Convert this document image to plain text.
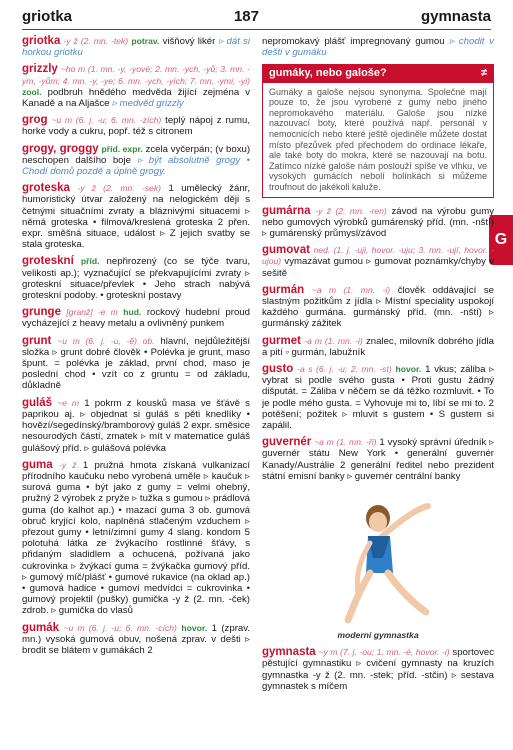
griotka	187	gymnasta
G
griotka -y ž (2. mn. -tek) potrav. višňový likér ▹ dát si horkou griotku
grizzly ~ho m (1. mn. -y, -yové; 2. mn. -ych, -yů; 3. mn. -ym, -yům; 4. mn. -y, -ye; 6. mn. -ych, -yích; 7. mn. -ymi, -yi) zool. podbruh hnědého medvěda žijící zejména v Kanadě a na Aljašce ▹ medvěd grizzly
grog ~u m (6. j. -u; 6. mn. -zích) teplý nápoj z rumu, horké vody a cukru, popř. též s citronem
grogy, groggy příd. expr. zcela vyčerpán; (v boxu) neschopen dalšího boje ▹ být absolutně grogy • Chodí domů pozdě a úplně grogy.
groteska -y ž (2. mn. -sek) 1 umělecký žánr, humoristický útvar založený na nelogickém ději s četnými situačními zvraty a bláznivými situacemi ▹ němá groteska • filmová/kreslená groteska 2 přen. expr. směšná situace, událost ▹ Z jejich svatby se stala groteska.
groteskní příd. nepřirozený (co se týče tvaru, velikosti ap.); vyznačující se překvapujícími zvraty ▹ groteskní situace/převlek • Jeho strach nabývá groteskní podoby. • groteskní postavy
grunge [granž] -e m hud. rockový hudební proud vycházející z heavy metalu a ovlivněný punkem
grunt ~u m (6. j. -u, -ě) ob. hlavní, nejdůležitější složka ▹ grunt dobré člověk • Polévka je grunt, maso špunt. = polévka je základ, první chod, maso je poslední chod • vzít co z gruntu = od základu, důkladně
guláš ~e m 1 pokrm z kousků masa ve šťávě s paprikou aj. ▹ objednat si guláš s pěti knedlíky • hovězí/segedínský/bramborový guláš 2 expr. směsice nesourodých částí, zmatek ▹ mít v matematice guláš gulášový příd. ▹ gulášová polévka
guma -y ž 1 pružná hmota získaná vulkanizací přírodního kaučuku nebo vyrobená uměle ▹ kaučuk ▹ surová guma • být jako z gumy = velmi ohebný, pružný 2 výrobek z pryže ▹ tužka s gumou ▹ prádlová guma (do kalhot ap.) • mazací guma 3 ob. gumová obruč kryjící kolo, naplněná stlačeným vzduchem ▹ přezout gumy • letní/zimní gumy 4 slang. kondom 5 polotuhá látka ze žvýkacího rostlinné šťávy, s přidaným sladidlem a ochucená, požívaná jako cukrovinka ▹ žvýkací guma = žvýkačka gumový příd. ▹ gumový míč/plášť • gumové rukavice (na oklad ap.) • gumová hadice • gumoví medvídci = cukrovinka • gumový projektil (pušky) gumička -y ž (2. mn. -ček) zdrob. ▹ gumička do vlasů
gumák ~u m (6. j. -u; 6. mn. -cích) hovor. 1 (zprav. mn.) vysoká gumová obuv, nošená zprav. v dešti ▹ brodit se blátem v gumákách 2
nepromokavý plášť impregnovaný gumou ▹ chodit v dešti v gumáku
gumáky, nebo galoše?	≠
Gumáky a galoše nejsou synonyma. Společné mají pouze to, že jsou vyrobené z gumy nebo jiného nepromokavého materiálu. Galoše jsou nízké nazouvací boty, které používá např. personál v nemocnicích nebo které ještě ojediněle můžete dostat místo přezůvek před přechodem do ordinace lékaře, ale také boty do mokra, které se nazouvají na botu. Zatímco nízké galoše nám poslouží spíše ve vlhku, ve vysokých gumácích nebolí holínkách si můžeme troufnout do jakékoli kaluže.
gumárna -y ž (2. mn. -ren) závod na výrobu gumy nebo gumových výrobků gumárenský příd. (mn. -nští) ▹ gumárenský průmysl/závod
gumovat ned. (1. j. -uji, hovor. -uju; 3. mn. -ují, hovor. -ujou) vymazávat gumou ▹ gumovat poznámky/chyby v sešitě
gurmán ~a m (1. mn. -i) člověk oddávající se slastným požitkům z jídla ▹ Místní speciality uspokojí každého gurmána. gurmánský příd. (mn. -nští) ▹ gurmánský zážitek
gurmet -a m (1. mn. -i) znalec, milovník dobrého jídla a pití ▫ gurmán, labužník
gusto -a s (6. j. -u; 2. mn. -st) hovor. 1 vkus; záliba ▹ vybrat si podle svého gusta • Proti gustu žádný dišputát. = Záliba v něčem se dá těžko rozmluvit. • To je podle mého gusta. = Vyhovuje mi to, líbí se mi to. 2 potěšení; požitek ▹ mluvit s gustem • S gustem si zapálil.
guvernér ~a m (1. mn. -ři) 1 vysoký správní úředník ▹ guvernér státu New York • generální guvernér Kanady/Austrálie 2 generální ředitel nebo prezident státní emisní banky ▹ guvernér centrální banky
moderní gymnastka
gymnasta ~y m (7. j. -ou; 1. mn. -é, hovor. -i) sportovec pěstující gymnastiku ▹ cvičení gymnasty na kruzích gymnastka -y ž (2. mn. -stek; příd. -stčin) ▹ sestava gymnastek s míčem
